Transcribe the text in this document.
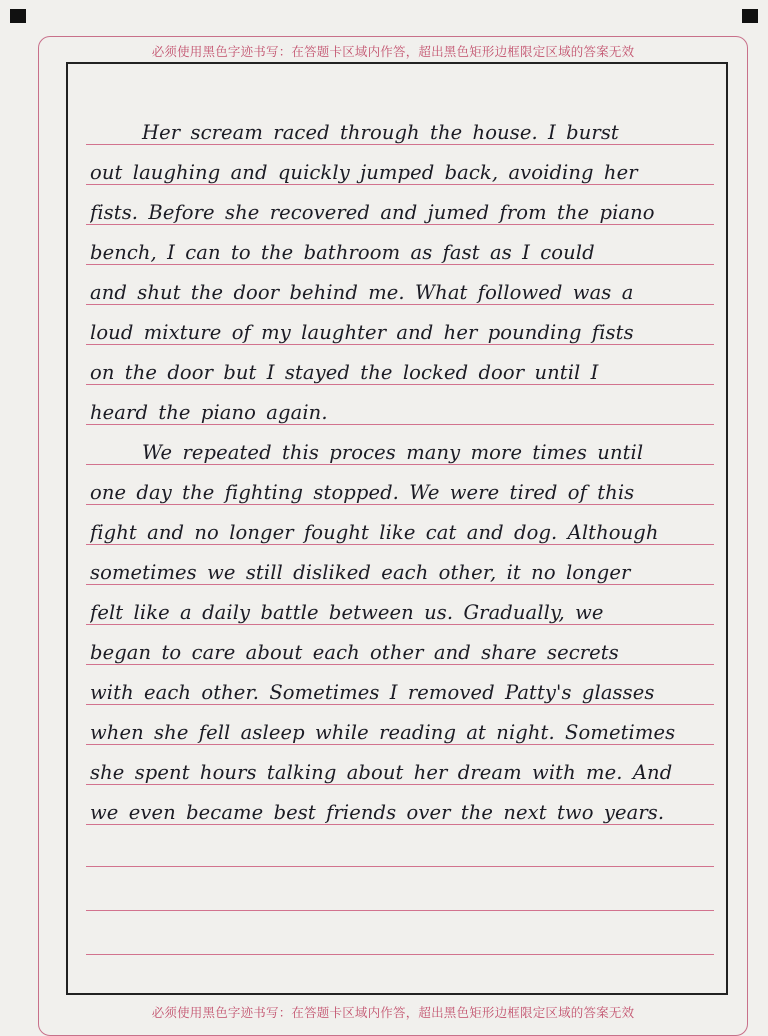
必须使用黑色字迹书写：在答题卡区域内作答，超出黑色矩形边框限定区域的答案无效
Her scream raced through the house. I burst
out laughing and quickly jumped back, avoiding her
fists. Before she recovered and jumed from the piano
bench, I can to the bathroom as fast as I could
and shut the door behind me. What followed was a
loud mixture of my laughter and her pounding fists
on the door but I stayed the locked door until I
heard the piano again.
We repeated this proces many more times until
one day the fighting stopped. We were tired of this
fight and no longer fought like cat and dog. Although
sometimes we still disliked each other, it no longer
felt like a daily battle between us. Gradually, we
began to care about each other and share secrets
with each other. Sometimes I removed Patty's glasses
when she fell asleep while reading at night. Sometimes
she spent hours talking about her dream with me. And
we even became best friends over the next two years.
必须使用黑色字迹书写：在答题卡区域内作答，超出黑色矩形边框限定区域的答案无效
